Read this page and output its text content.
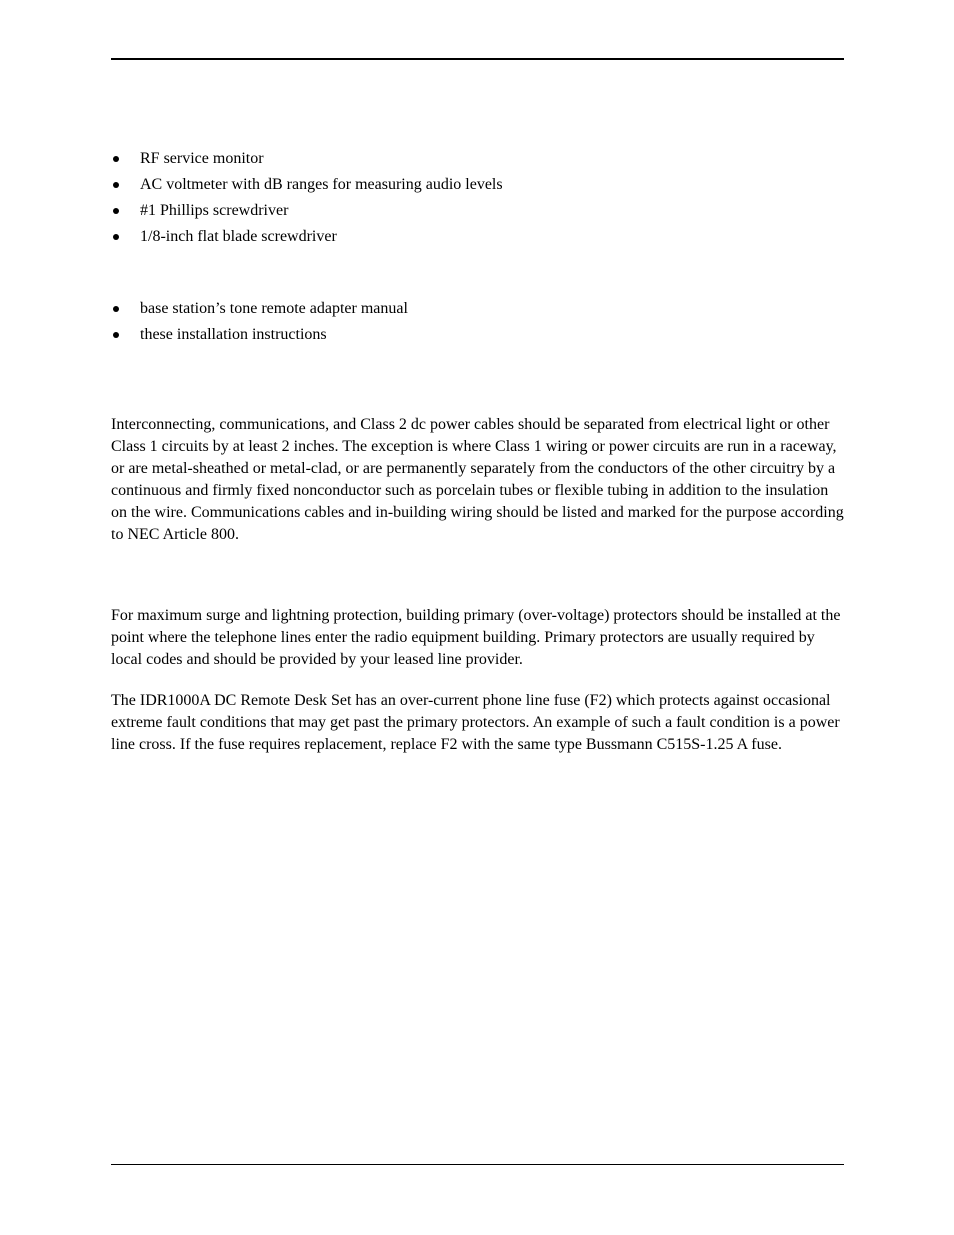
RF service monitor
AC voltmeter with dB ranges for measuring audio levels
#1 Phillips screwdriver
1/8-inch flat blade screwdriver
base station’s tone remote adapter manual
these installation instructions

Interconnecting, communications, and Class 2 dc power cables should be separated from electrical light or other Class 1 circuits by at least 2 inches. The exception is where Class 1 wiring or power circuits are run in a raceway, or are metal-sheathed or metal-clad, or are permanently separately from the conductors of the other circuitry by a continuous and firmly fixed nonconductor such as porcelain tubes or flexible tubing in addition to the insulation on the wire. Communications cables and in-building wiring should be listed and marked for the purpose according to NEC Article 800.

For maximum surge and lightning protection, building primary (over-voltage) protectors should be installed at the point where the telephone lines enter the radio equipment building. Primary protectors are usually required by local codes and should be provided by your leased line provider.

The IDR1000A DC Remote Desk Set has an over-current phone line fuse (F2) which protects against occasional extreme fault conditions that may get past the primary protectors. An example of such a fault condition is a power line cross. If the fuse requires replacement, replace F2 with the same type Bussmann C515S-1.25 A fuse.
